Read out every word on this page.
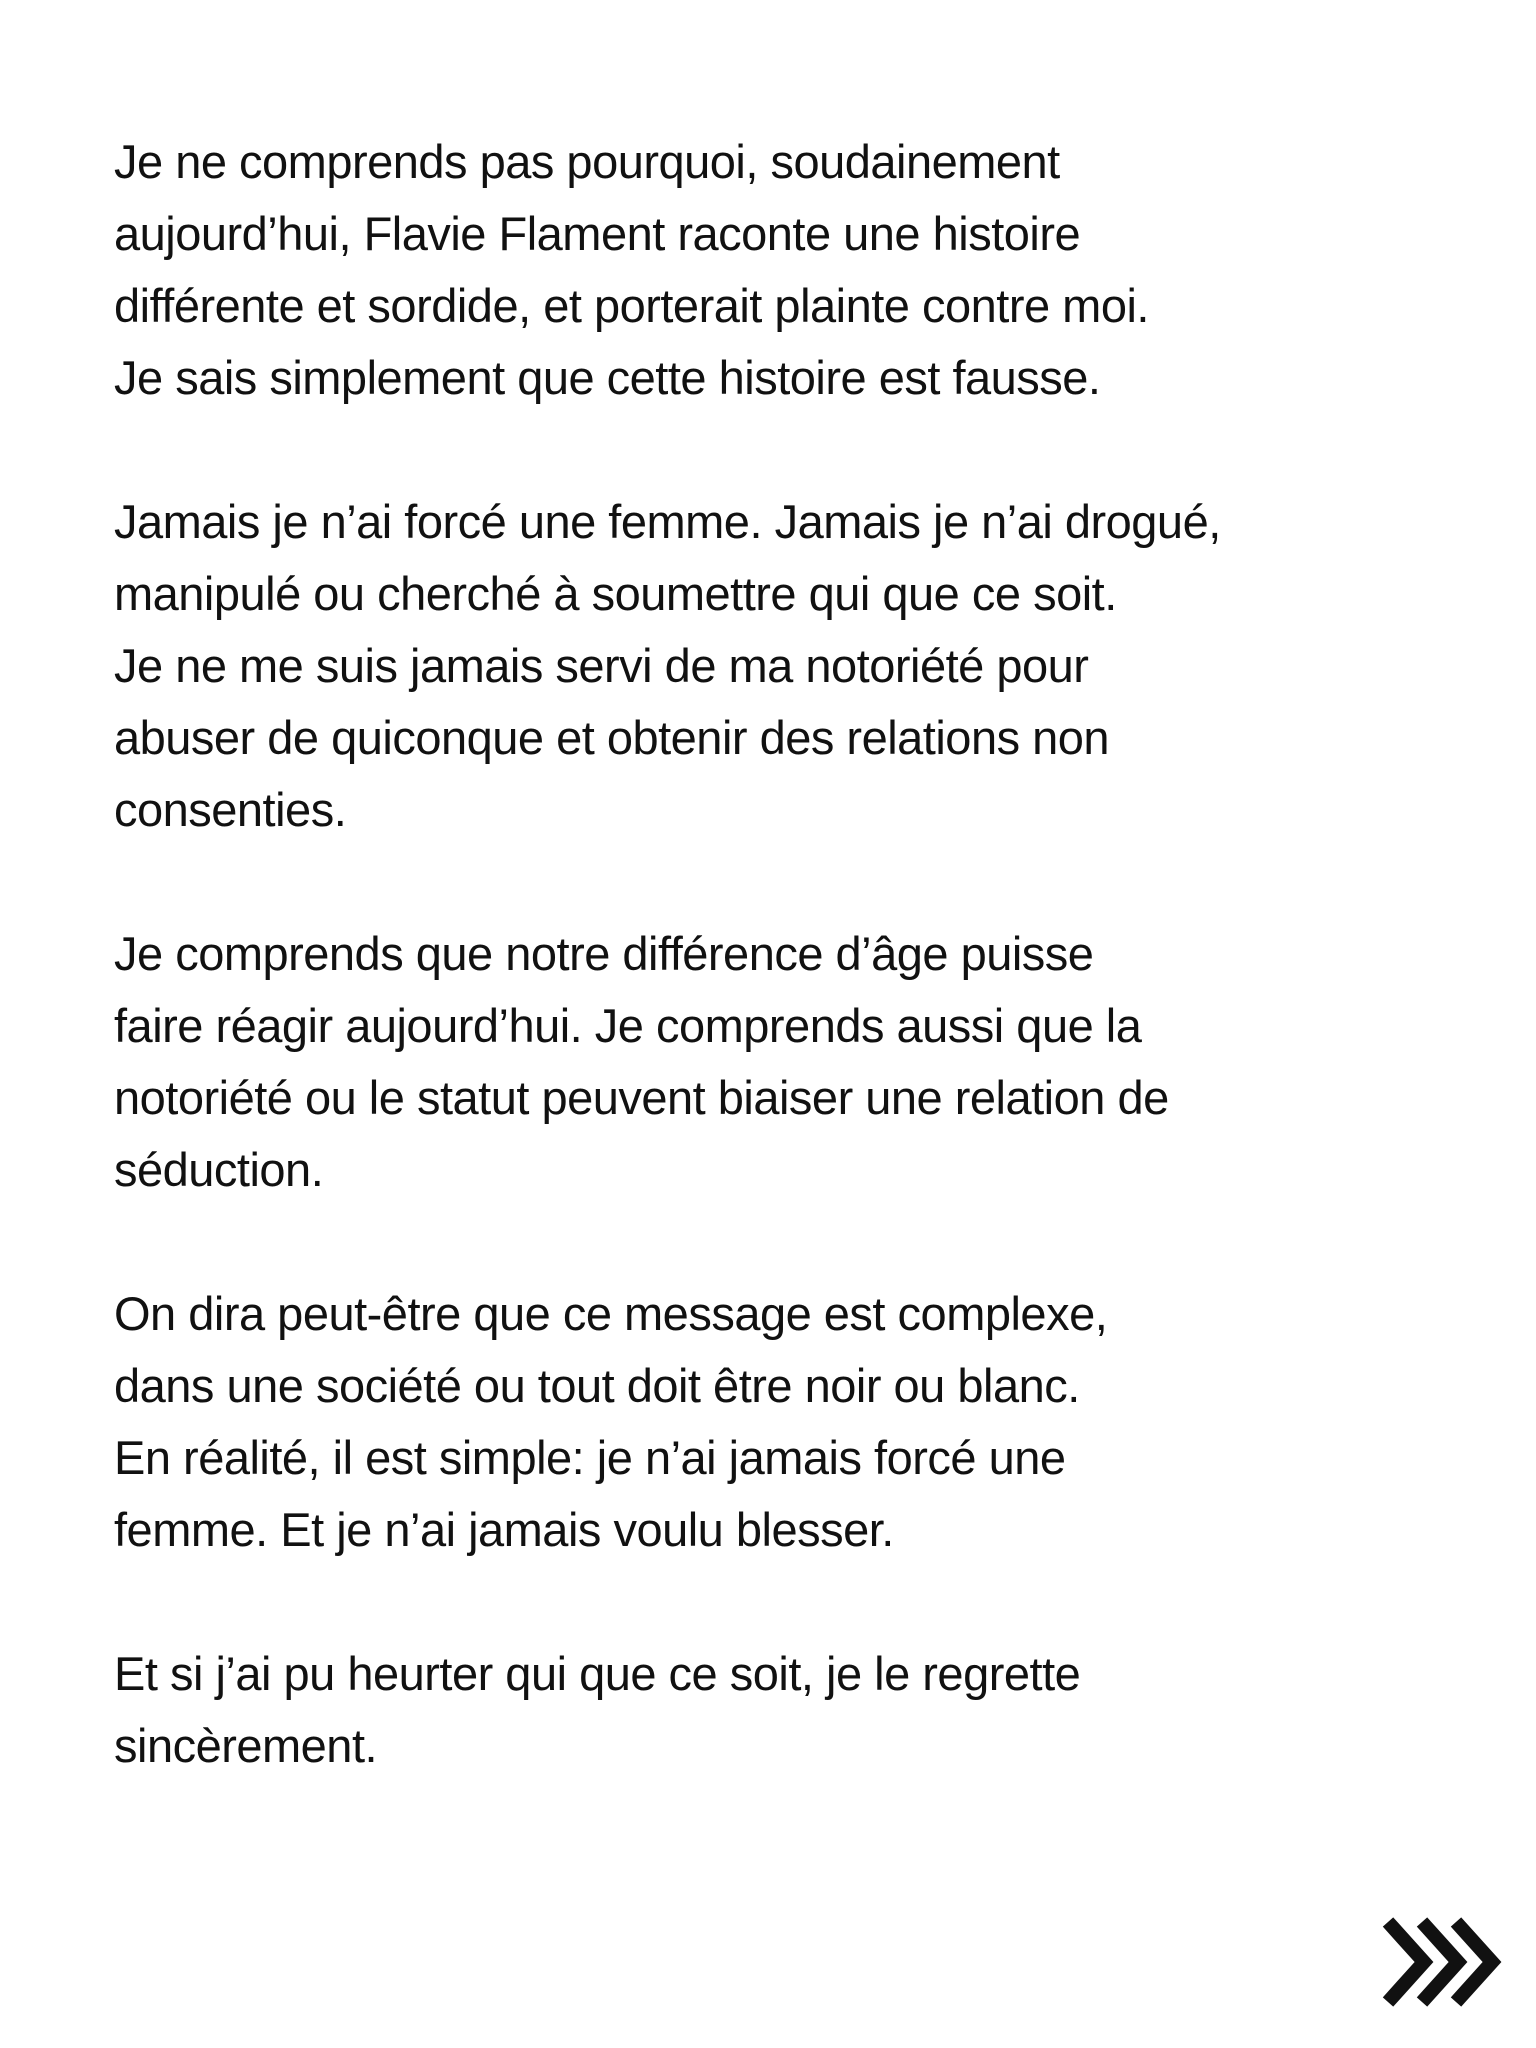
Je ne comprends pas pourquoi, soudainement
aujourd’hui, Flavie Flament raconte une histoire
différente et sordide, et porterait plainte contre moi.
Je sais simplement que cette histoire est fausse.

Jamais je n’ai forcé une femme. Jamais je n’ai drogué,
manipulé ou cherché à soumettre qui que ce soit.
Je ne me suis jamais servi de ma notoriété pour
abuser de quiconque et obtenir des relations non
consenties.

Je comprends que notre différence d’âge puisse
faire réagir aujourd’hui. Je comprends aussi que la
notoriété ou le statut peuvent biaiser une relation de
séduction.

On dira peut-être que ce message est complexe,
dans une société ou tout doit être noir ou blanc.
En réalité, il est simple: je n’ai jamais forcé une
femme. Et je n’ai jamais voulu blesser.

Et si j’ai pu heurter qui que ce soit, je le regrette
sincèrement.
